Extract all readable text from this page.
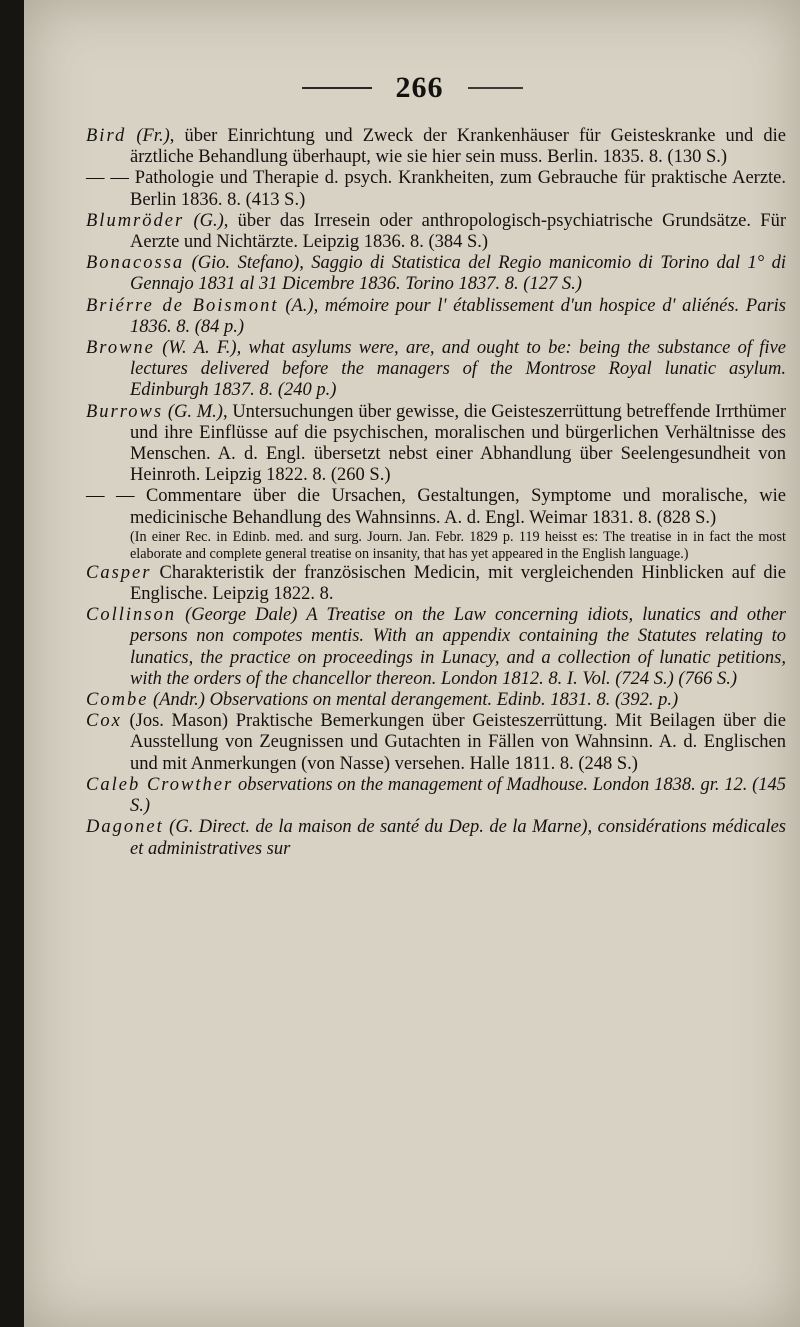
266

Bird (Fr.), über Einrichtung und Zweck der Krankenhäuser für Geisteskranke und die ärztliche Behandlung überhaupt, wie sie hier sein muss. Berlin. 1835. 8. (130 S.)

— — Pathologie und Therapie d. psych. Krankheiten, zum Gebrauche für praktische Aerzte. Berlin 1836. 8. (413 S.)

Blumröder (G.), über das Irresein oder anthropologisch-psychiatrische Grundsätze. Für Aerzte und Nichtärzte. Leipzig 1836. 8. (384 S.)

Bonacossa (Gio. Stefano), Saggio di Statistica del Regio manicomio di Torino dal 1° di Gennajo 1831 al 31 Dicembre 1836. Torino 1837. 8. (127 S.)

Briérre de Boismont (A.), mémoire pour l' établissement d'un hospice d' aliénés. Paris 1836. 8. (84 p.)

Browne (W. A. F.), what asylums were, are, and ought to be: being the substance of five lectures delivered before the managers of the Montrose Royal lunatic asylum. Edinburgh 1837. 8. (240 p.)

Burrows (G. M.), Untersuchungen über gewisse, die Geisteszerrüttung betreffende Irrthümer und ihre Einflüsse auf die psychischen, moralischen und bürgerlichen Verhältnisse des Menschen. A. d. Engl. übersetzt nebst einer Abhandlung über Seelengesundheit von Heinroth. Leipzig 1822. 8. (260 S.)

— — Commentare über die Ursachen, Gestaltungen, Symptome und moralische, wie medicinische Behandlung des Wahnsinns. A. d. Engl. Weimar 1831. 8. (828 S.)

(In einer Rec. in Edinb. med. and surg. Journ. Jan. Febr. 1829 p. 119 heisst es: The treatise in in fact the most elaborate and complete general treatise on insanity, that has yet appeared in the English language.)

Casper Charakteristik der französischen Medicin, mit vergleichenden Hinblicken auf die Englische. Leipzig 1822. 8.

Collinson (George Dale) A Treatise on the Law concerning idiots, lunatics and other persons non compotes mentis. With an appendix containing the Statutes relating to lunatics, the practice on proceedings in Lunacy, and a collection of lunatic petitions, with the orders of the chancellor thereon. London 1812. 8. I. Vol. (724 S.) (766 S.)

Combe (Andr.) Observations on mental derangement. Edinb. 1831. 8. (392. p.)

Cox (Jos. Mason) Praktische Bemerkungen über Geisteszerrüttung. Mit Beilagen über die Ausstellung von Zeugnissen und Gutachten in Fällen von Wahnsinn. A. d. Englischen und mit Anmerkungen (von Nasse) versehen. Halle 1811. 8. (248 S.)

Caleb Crowther observations on the management of Madhouse. London 1838. gr. 12. (145 S.)

Dagonet (G. Direct. de la maison de santé du Dep. de la Marne), considérations médicales et administratives sur
